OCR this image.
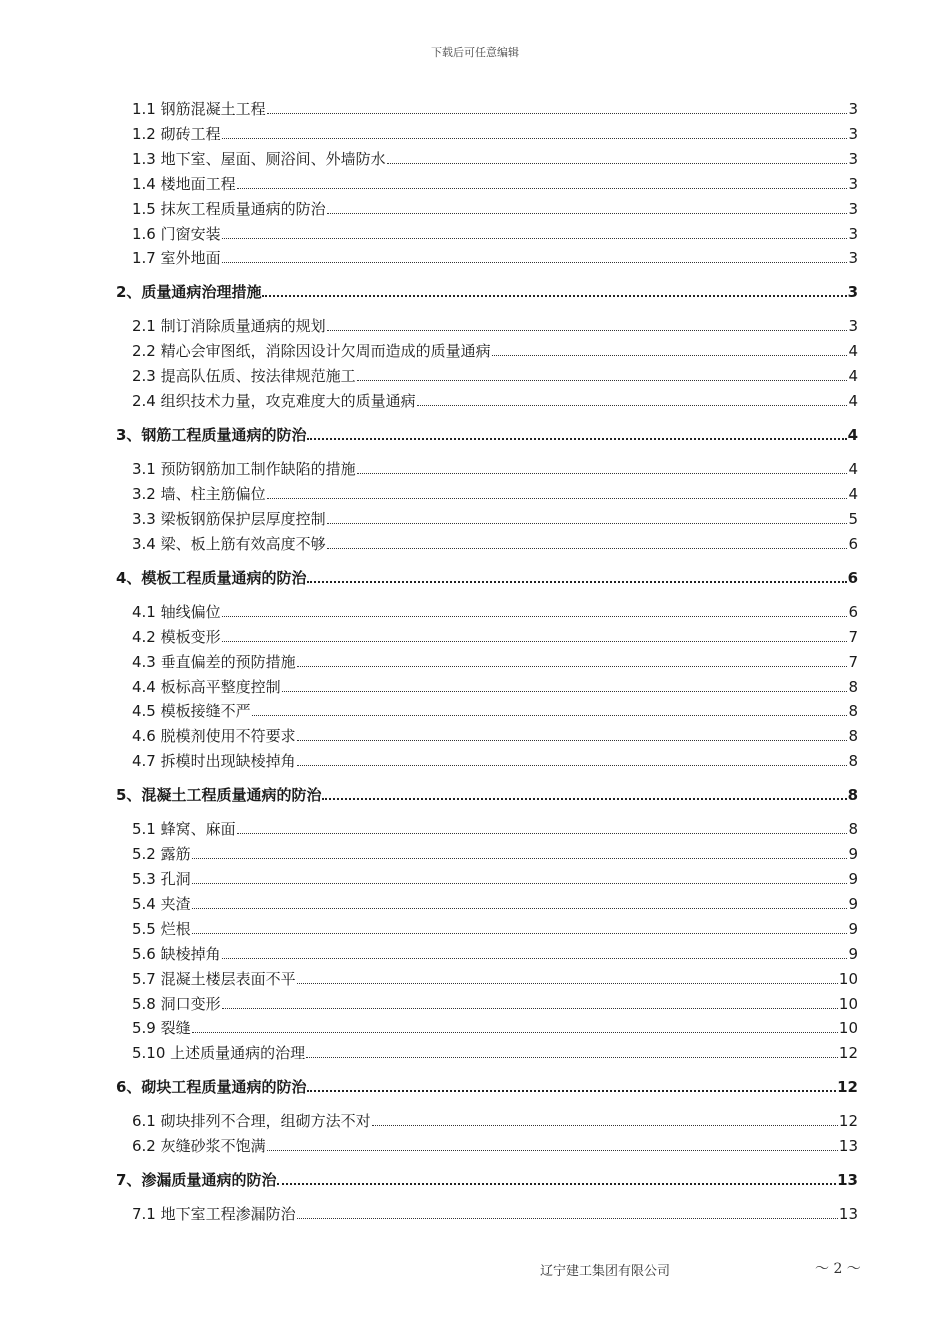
下载后可任意编辑
1.1 钢筋混凝土工程	3
1.2 砌砖工程	3
1.3 地下室、屋面、厕浴间、外墙防水	3
1.4 楼地面工程	3
1.5 抹灰工程质量通病的防治	3
1.6 门窗安装	3
1.7 室外地面	3
2、质量通病治理措施	3
2.1 制订消除质量通病的规划	3
2.2 精心会审图纸，消除因设计欠周而造成的质量通病	4
2.3 提高队伍质、按法律规范施工	4
2.4 组织技术力量，攻克难度大的质量通病	4
3、钢筋工程质量通病的防治	4
3.1 预防钢筋加工制作缺陷的措施	4
3.2 墙、柱主筋偏位	4
3.3 梁板钢筋保护层厚度控制	5
3.4 梁、板上筋有效高度不够	6
4、模板工程质量通病的防治	6
4.1 轴线偏位	6
4.2 模板变形	7
4.3 垂直偏差的预防措施	7
4.4 板标高平整度控制	8
4.5 模板接缝不严	8
4.6 脱模剂使用不符要求	8
4.7 拆模时出现缺棱掉角	8
5、混凝土工程质量通病的防治	8
5.1 蜂窝、麻面	8
5.2 露筋	9
5.3 孔洞	9
5.4 夹渣	9
5.5 烂根	9
5.6 缺棱掉角	9
5.7 混凝土楼层表面不平	10
5.8 洞口变形	10
5.9 裂缝	10
5.10 上述质量通病的治理	12
6、砌块工程质量通病的防治	12
6.1 砌块排列不合理，组砌方法不对	12
6.2 灰缝砂浆不饱满	13
7、渗漏质量通病的防治	13
7.1 地下室工程渗漏防治	13
辽宁建工集团有限公司	～ 2 ～
